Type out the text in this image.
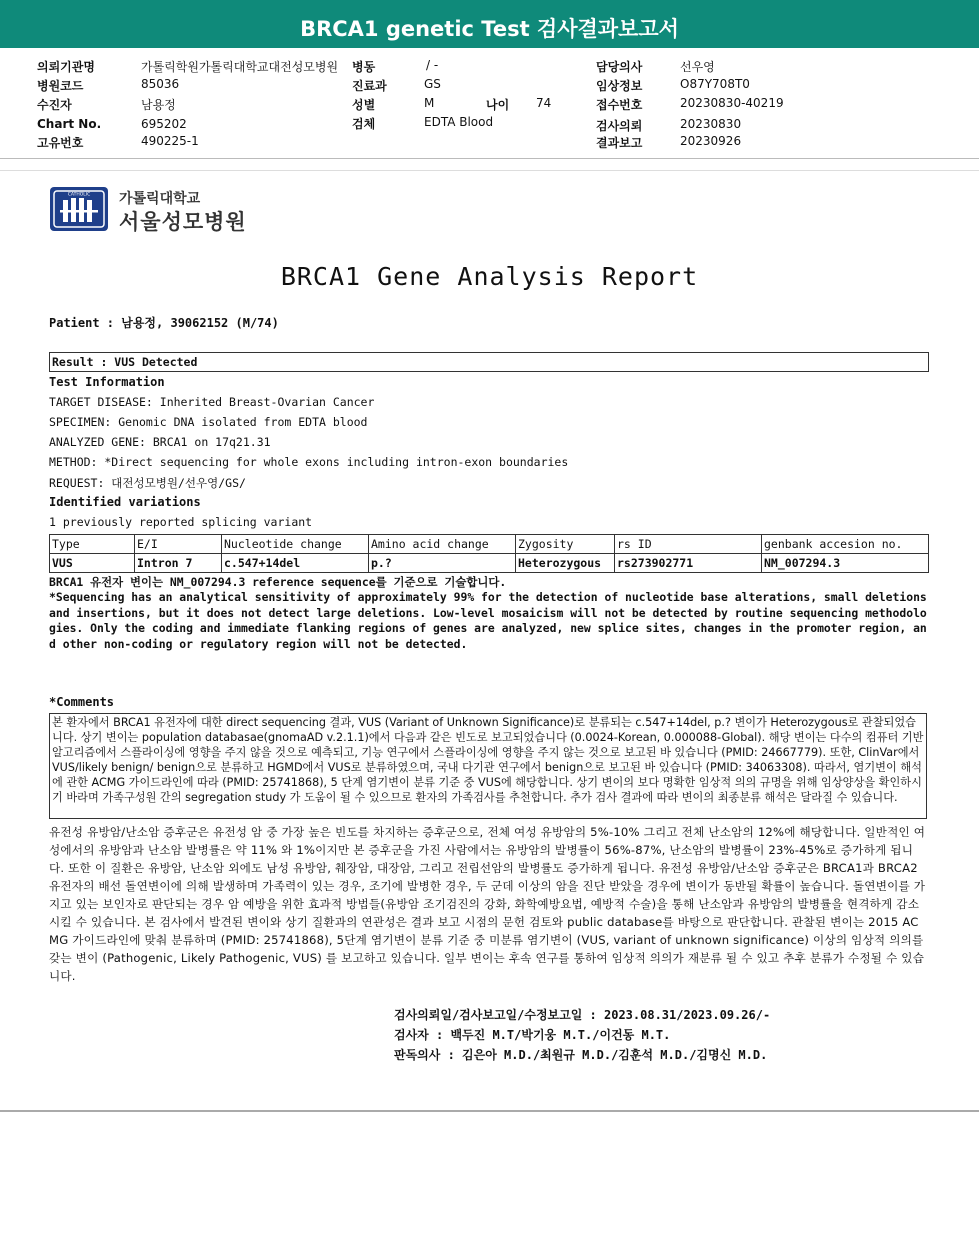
BRCA1 genetic Test 검사결과보고서
의뢰기관명	가톨릭학원가톨릭대학교대전성모병원
병원코드	85036
수진자	남용정
Chart No.	695202
고유번호	490225-1
병동	/ -
진료과	GS
성별	M	나이 74
검체	EDTA Blood
담당의사	선우영
임상정보	O87Y708T0
접수번호	20230830-40219
검사의뢰	20230830
결과보고	20230926
CATHOLIC 가톨릭대학교
서울성모병원
BRCA1 Gene Analysis Report
Patient : 남용정, 39062152 (M/74)
Result : VUS Detected
Test Information
TARGET DISEASE: Inherited Breast-Ovarian Cancer
SPECIMEN: Genomic DNA isolated from EDTA blood
ANALYZED GENE: BRCA1 on 17q21.31
METHOD: *Direct sequencing for whole exons including intron-exon boundaries
REQUEST: 대전성모병원/선우영/GS/
Identified variations
1 previously reported splicing variant
Type	E/I	Nucleotide change	Amino acid change	Zygosity	rs ID	genbank accesion no.
VUS	Intron 7	c.547+14del	p.?	Heterozygous	rs273902771	NM_007294.3
BRCA1 유전자 변이는 NM_007294.3 reference sequence를 기준으로 기술합니다.
*Sequencing has an analytical sensitivity of approximately 99% for the detection of nucleotide base alterations, small deletions and insertions, but it does not detect large deletions. Low-level mosaicism will not be detected by routine sequencing methodologies. Only the coding and immediate flanking regions of genes are analyzed, new splice sites, changes in the promoter region, and other non-coding or regulatory region will not be detected.
*Comments
본 환자에서 BRCA1 유전자에 대한 direct sequencing 결과, VUS (Variant of Unknown Significance)로 분류되는 c.547+14del, p.? 변이가 Heterozygous로 관찰되었습니다. 상기 변이는 population databasae(gnomaAD v.2.1.1)에서 다음과 같은 빈도로 보고되었습니다 (0.0024-Korean, 0.000088-Global). 해당 변이는 다수의 컴퓨터 기반 알고리즘에서 스플라이싱에 영향을 주지 않을 것으로 예측되고, 기능 연구에서 스플라이싱에 영향을 주지 않는 것으로 보고된 바 있습니다 (PMID: 24667779). 또한, ClinVar에서 VUS/likely benign/ benign으로 분류하고 HGMD에서 VUS로 분류하였으며, 국내 다기관 연구에서 benign으로 보고된 바 있습니다 (PMID: 34063308). 따라서, 염기변이 해석에 관한 ACMG 가이드라인에 따라 (PMID: 25741868), 5 단계 염기변이 분류 기준 중 VUS에 해당합니다. 상기 변이의 보다 명확한 임상적 의의 규명을 위해 임상양상을 확인하시기 바라며 가족구성원 간의 segregation study 가 도움이 될 수 있으므로 환자의 가족검사를 추천합니다. 추가 검사 결과에 따라 변이의 최종분류 해석은 달라질 수 있습니다.
유전성 유방암/난소암 증후군은 유전성 암 중 가장 높은 빈도를 차지하는 증후군으로, 전체 여성 유방암의 5%-10% 그리고 전체 난소암의 12%에 해당합니다. 일반적인 여성에서의 유방암과 난소암 발병률은 약 11% 와 1%이지만 본 증후군을 가진 사람에서는 유방암의 발병률이 56%-87%, 난소암의 발병률이 23%-45%로 증가하게 됩니다. 또한 이 질환은 유방암, 난소암 외에도 남성 유방암, 췌장암, 대장암, 그리고 전립선암의 발병률도 증가하게 됩니다. 유전성 유방암/난소암 증후군은 BRCA1과 BRCA2 유전자의 배선 돌연변이에 의해 발생하며 가족력이 있는 경우, 조기에 발병한 경우, 두 군데 이상의 암을 진단 받았을 경우에 변이가 동반될 확률이 높습니다. 돌연변이를 가지고 있는 보인자로 판단되는 경우 암 예방을 위한 효과적 방법들(유방암 조기검진의 강화, 화학예방요법, 예방적 수술)을 통해 난소암과 유방암의 발병률을 현격하게 감소시킬 수 있습니다. 본 검사에서 발견된 변이와 상기 질환과의 연관성은 결과 보고 시점의 문헌 검토와 public database를 바탕으로 판단합니다. 관찰된 변이는 2015 ACMG 가이드라인에 맞춰 분류하며 (PMID: 25741868), 5단계 염기변이 분류 기준 중 미분류 염기변이 (VUS, variant of unknown significance) 이상의 임상적 의의를 갖는 변이 (Pathogenic, Likely Pathogenic, VUS) 를 보고하고 있습니다. 일부 변이는 후속 연구를 통하여 임상적 의의가 재분류 될 수 있고 추후 분류가 수정될 수 있습니다.
검사의뢰일/검사보고일/수정보고일 : 2023.08.31/2023.09.26/-
검사자 : 백두진 M.T/박기웅 M.T./이건동 M.T.
판독의사 : 김은아 M.D./최원규 M.D./김훈석 M.D./김명신 M.D.
